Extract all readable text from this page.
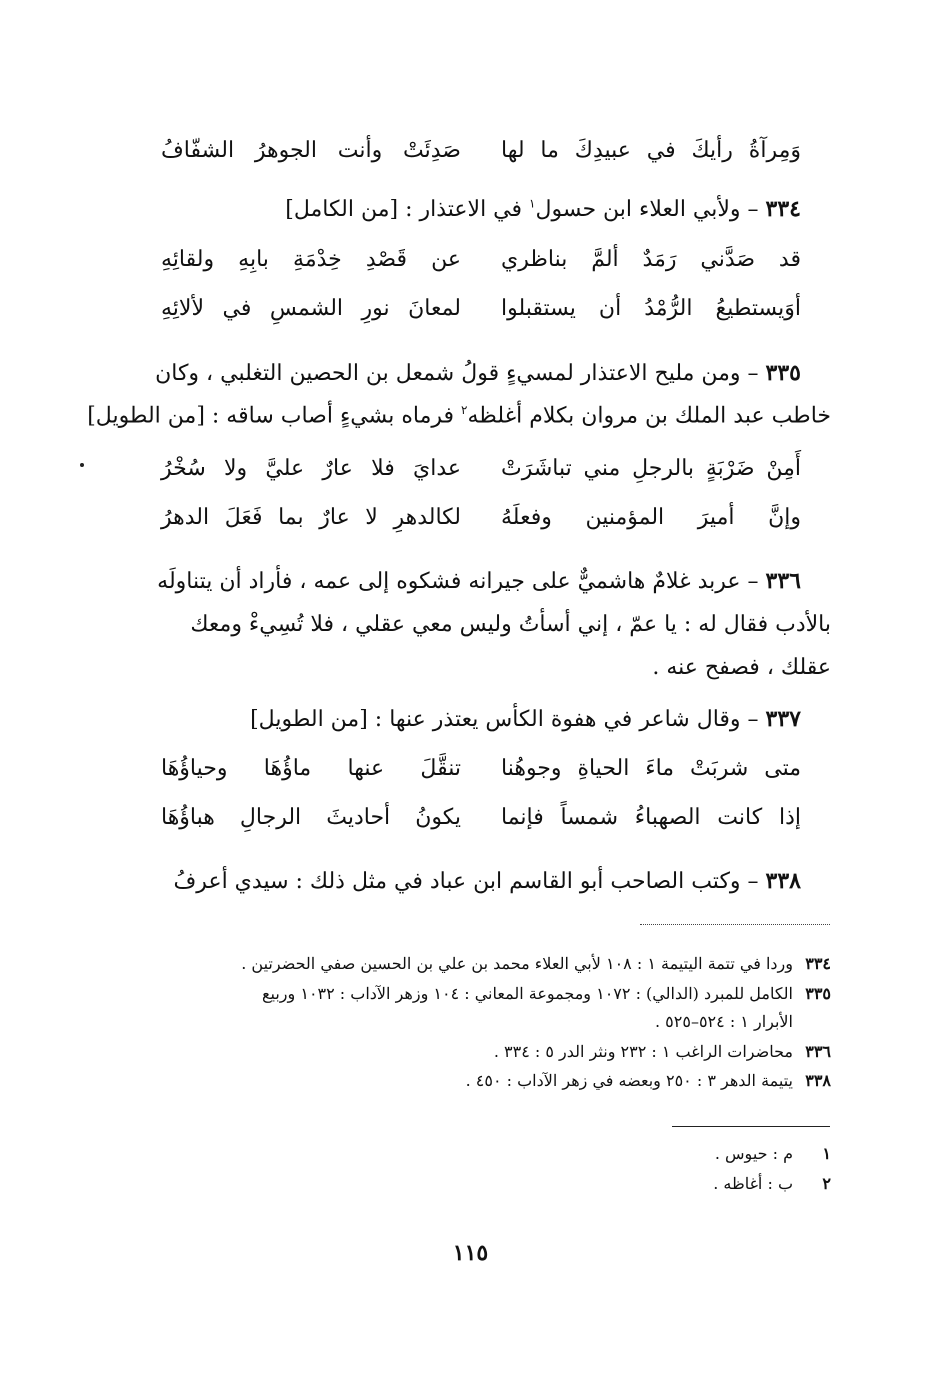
وَمِرآةُ رأيكَ في عبيدِكَ ما لها
صَدِئَتْ وأنت الجوهرُ الشفّافُ
٣٣٤ – ولأبي العلاء ابن حسول$^١$ في الاعتذار : [من الكامل]
قد صَدَّني رَمَدٌ ألمَّ بناظري
عن قَصْدِ خِدْمَةِ بابِهِ ولقائِهِ
أوَيستطيعُ الرُّمْدُ أن يستقبلوا
لمعانَ نورِ الشمسِ في لألائِهِ
٣٣٥ – ومن مليح الاعتذار لمسيءٍ قولُ شمعل بن الحصين التغلبي ، وكان
خاطب عبد الملك بن مروان بكلام أغلظه$^٢$ فرماه بشيءٍ أصاب ساقه : [من الطويل]
أَمِنْ ضَرْبَةٍ بالرجلِ مني تباشَرَتْ
عدايَ فلا عارٌ عليَّ ولا سُخْرُ
وإنَّ أميرَ المؤمنين وفعلَهُ
لكالدهرِ لا عارٌ بما فَعَلَ الدهرُ
٣٣٦ – عربد غلامٌ هاشميٌّ على جيرانه فشكوه إلى عمه ، فأراد أن يتناولَه
بالأدب فقال له : يا عمّ ، إني أسأتُ وليس معي عقلي ، فلا تُسِيءْ ومعك
عقلك ، فصفح عنه .
٣٣٧ – وقال شاعر في هفوة الكأس يعتذر عنها : [من الطويل]
متى شربَتْ ماءَ الحياةِ وجوهُنا
تنقَّلَ عنها ماؤُهَا وحياؤُهَا
إذا كانت الصهباءُ شمساً فإنما
يكونُ أحاديثَ الرجالِ هباؤُهَا
٣٣٨ – وكتب الصاحب أبو القاسم ابن عباد في مثل ذلك : سيدي أعرفُ
٣٣٤وردا في تتمة اليتيمة ١ : ١٠٨ لأبي العلاء محمد بن علي بن الحسين صفي الحضرتين .
٣٣٥الكامل للمبرد (الدالي) : ١٠٧٢ ومجموعة المعاني : ١٠٤ وزهر الآداب : ١٠٣٢ وربيع
الأبرار ١ : ٥٢٤–٥٢٥ .
٣٣٦محاضرات الراغب ١ : ٢٣٢ ونثر الدر ٥ : ٣٣٤ .
٣٣٨يتيمة الدهر ٣ : ٢٥٠ وبعضه في زهر الآداب : ٤٥٠ .
١م : حيوس .
٢ب : أغاظه .
١١٥
